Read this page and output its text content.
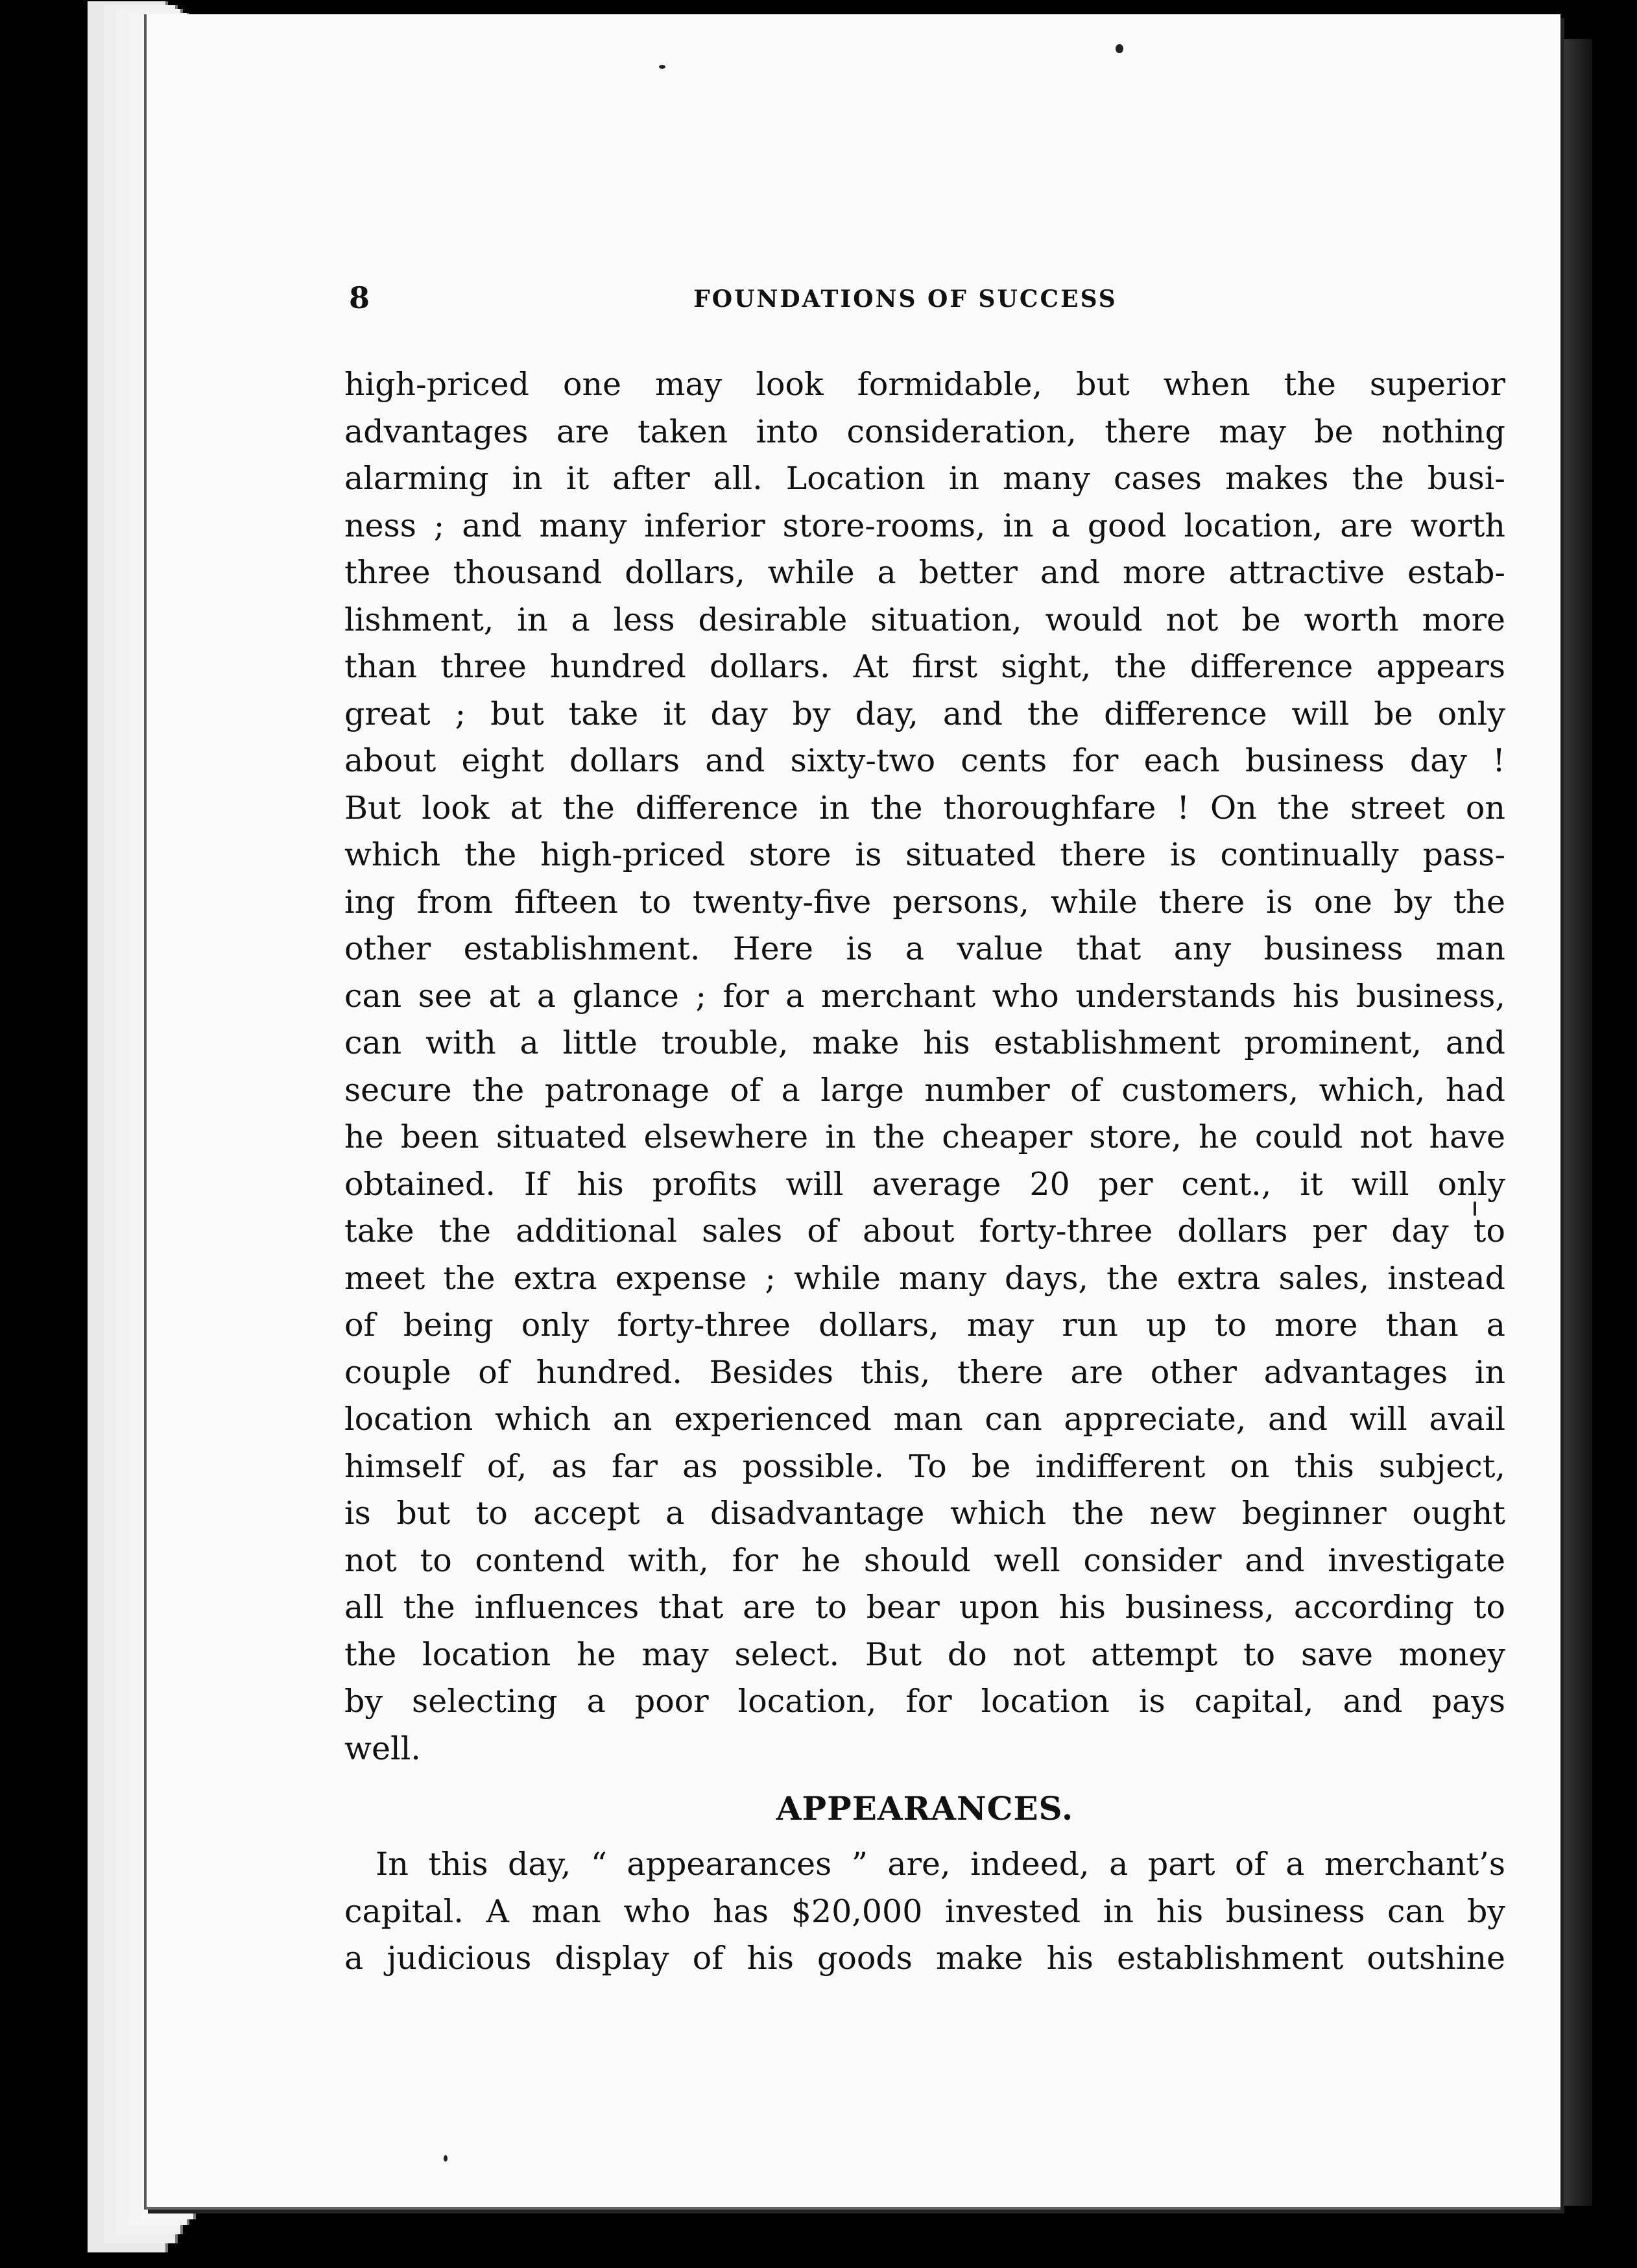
8	FOUNDATIONS OF SUCCESS

high-priced one may look formidable, but when the superior

advantages are taken into consideration, there may be nothing

alarming in it after all. Location in many cases makes the busi-

ness ; and many inferior store-rooms, in a good location, are worth

three thousand dollars, while a better and more attractive estab-

lishment, in a less desirable situation, would not be worth more

than three hundred dollars. At first sight, the difference appears

great ; but take it day by day, and the difference will be only

about eight dollars and sixty-two cents for each business day !

But look at the difference in the thoroughfare ! On the street on

which the high-priced store is situated there is continually pass-

ing from fifteen to twenty-five persons, while there is one by the

other establishment. Here is a value that any business man

can see at a glance ; for a merchant who understands his business,

can with a little trouble, make his establishment prominent, and

secure the patronage of a large number of customers, which, had

he been situated elsewhere in the cheaper store, he could not have

obtained. If his profits will average 20 per cent., it will only

take the additional sales of about forty-three dollars per day to

meet the extra expense ; while many days, the extra sales, instead

of being only forty-three dollars, may run up to more than a

couple of hundred. Besides this, there are other advantages in

location which an experienced man can appreciate, and will avail

himself of, as far as possible. To be indifferent on this subject,

is but to accept a disadvantage which the new beginner ought

not to contend with, for he should well consider and investigate

all the influences that are to bear upon his business, according to

the location he may select. But do not attempt to save money

by selecting a poor location, for location is capital, and pays

well.

APPEARANCES.

In this day, “ appearances ” are, indeed, a part of a merchant’s

capital. A man who has $20,000 invested in his business can by

a judicious display of his goods make his establishment outshine
